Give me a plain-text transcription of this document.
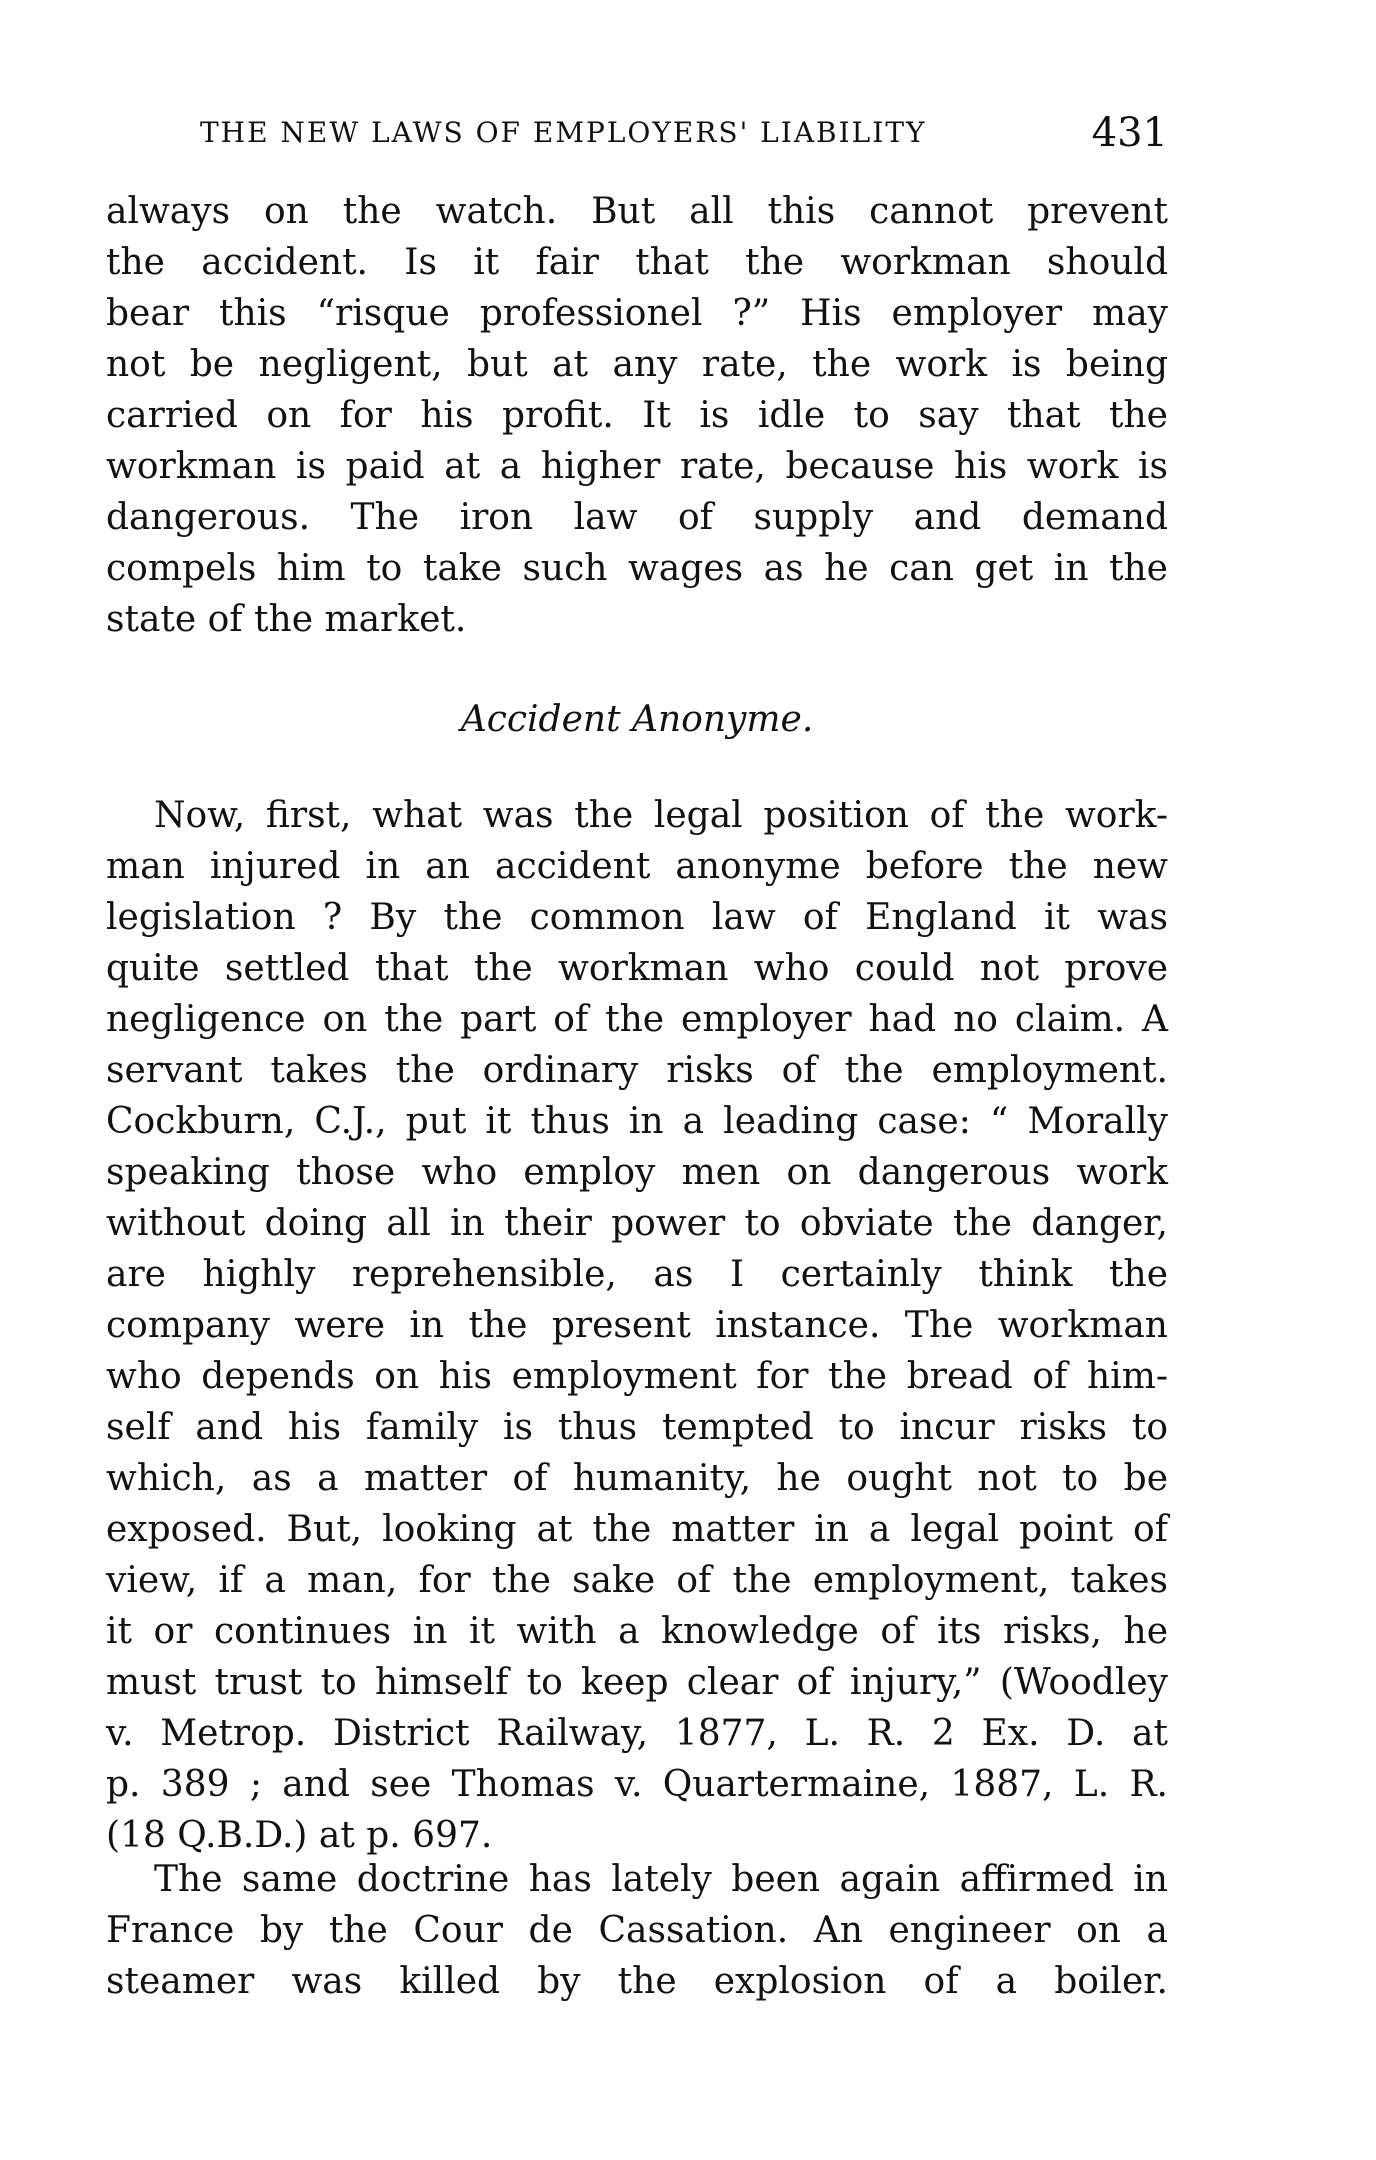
THE NEW LAWS OF EMPLOYERS' LIABILITY	431
always on the watch. But all this cannot prevent
the accident. Is it fair that the workman should
bear this “risque professionel ?” His employer may
not be negligent, but at any rate, the work is being
carried on for his profit. It is idle to say that the
workman is paid at a higher rate, because his work is
dangerous. The iron law of supply and demand
compels him to take such wages as he can get in the
state of the market.
Accident Anonyme.
Now, first, what was the legal position of the work-
man injured in an accident anonyme before the new
legislation ? By the common law of England it was
quite settled that the workman who could not prove
negligence on the part of the employer had no claim. A
servant takes the ordinary risks of the employment.
Cockburn, C.J., put it thus in a leading case: “ Morally
speaking those who employ men on dangerous work
without doing all in their power to obviate the danger,
are highly reprehensible, as I certainly think the
company were in the present instance. The workman
who depends on his employment for the bread of him-
self and his family is thus tempted to incur risks to
which, as a matter of humanity, he ought not to be
exposed. But, looking at the matter in a legal point of
view, if a man, for the sake of the employment, takes
it or continues in it with a knowledge of its risks, he
must trust to himself to keep clear of injury,” (Woodley
v. Metrop. District Railway, 1877, L. R. 2 Ex. D. at
p. 389 ; and see Thomas v. Quartermaine, 1887, L. R.
(18 Q.B.D.) at p. 697.
The same doctrine has lately been again affirmed in
France by the Cour de Cassation. An engineer on a
steamer was killed by the explosion of a boiler.
